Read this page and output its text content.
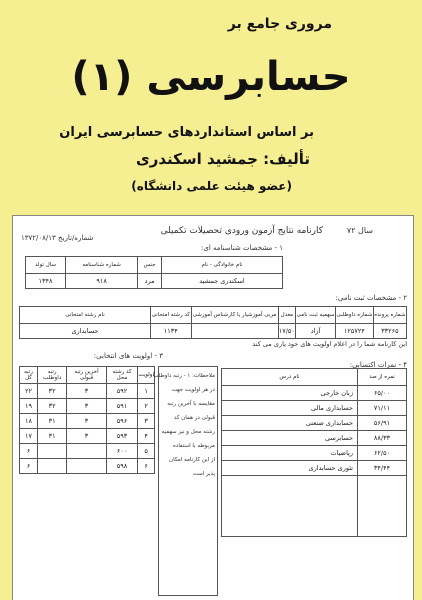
مروری جامع بر
حسابرسی (۱)
بر اساس استانداردهای حسابرسی ایران
تألیف: جمشید اسکندری
(عضو هیئت علمی دانشگاه)
کارنامه نتایج آزمون ورودی تحصیلات تکمیلی	سال ۷۲
شماره/تاریخ ۱۳۷۲/۰۸/۱۳
۱ - مشخصات شناسنامه ای:
نام خانوادگی - نام	جنس	شماره شناسنامه	سال تولد
اسکندری جمشید	مرد	۹۱۸	۱۳۴۸
۲ - مشخصات ثبت نامی:
شماره پرونده	شماره داوطلبی	سهمیه ثبت نامی	معدل	مربی آموزشیار یا کارشناس آموزشی	کد رشته امتحانی	نام رشته امتحانی
۳۳۲۶۵	۱۲۵۷۲۴	آزاد	۱۷/۵۰		۱۱۳۴	حسابداری
این کارنامه شما را در اعلام اولویت های خود یاری می کند
۳ - اولویت های انتخابی:
۴ - نمرات اکتسابی:
اولویت	کد رشته محل	آخرین رتبه قبولی	رتبه داوطلب	رتبه کل
۱	۵۹۲	۳	۳۲	۲۲
۲	۵۹۱	۳	۳۲	۱۹
۳	۵۹۶	۳	۳۱	۱۸
۴	۵۹۳	۳	۳۱	۱۷
۵	۶۰۰			۶
۶	۵۹۸			۶
ملاحظات: ۱ - رتبه داوطلب
در هر اولویت جهت
مقایسه با آخرین رتبه
قبولی در همان کد
رشته محل و نیز سهمیه
مربوطه با استفاده
از این کارنامه امکان
پذیر است
نمره از صد	نام درس
۶۵/۰۰	زبان خارجی
۷۱/۱۱	حسابداری مالی
۵۶/۹۱	حسابداری صنعتی
۸۸/۳۳	حسابرسی
۶۲/۵۰	ریاضیات
۳۴/۴۴	تئوری حسابداری
